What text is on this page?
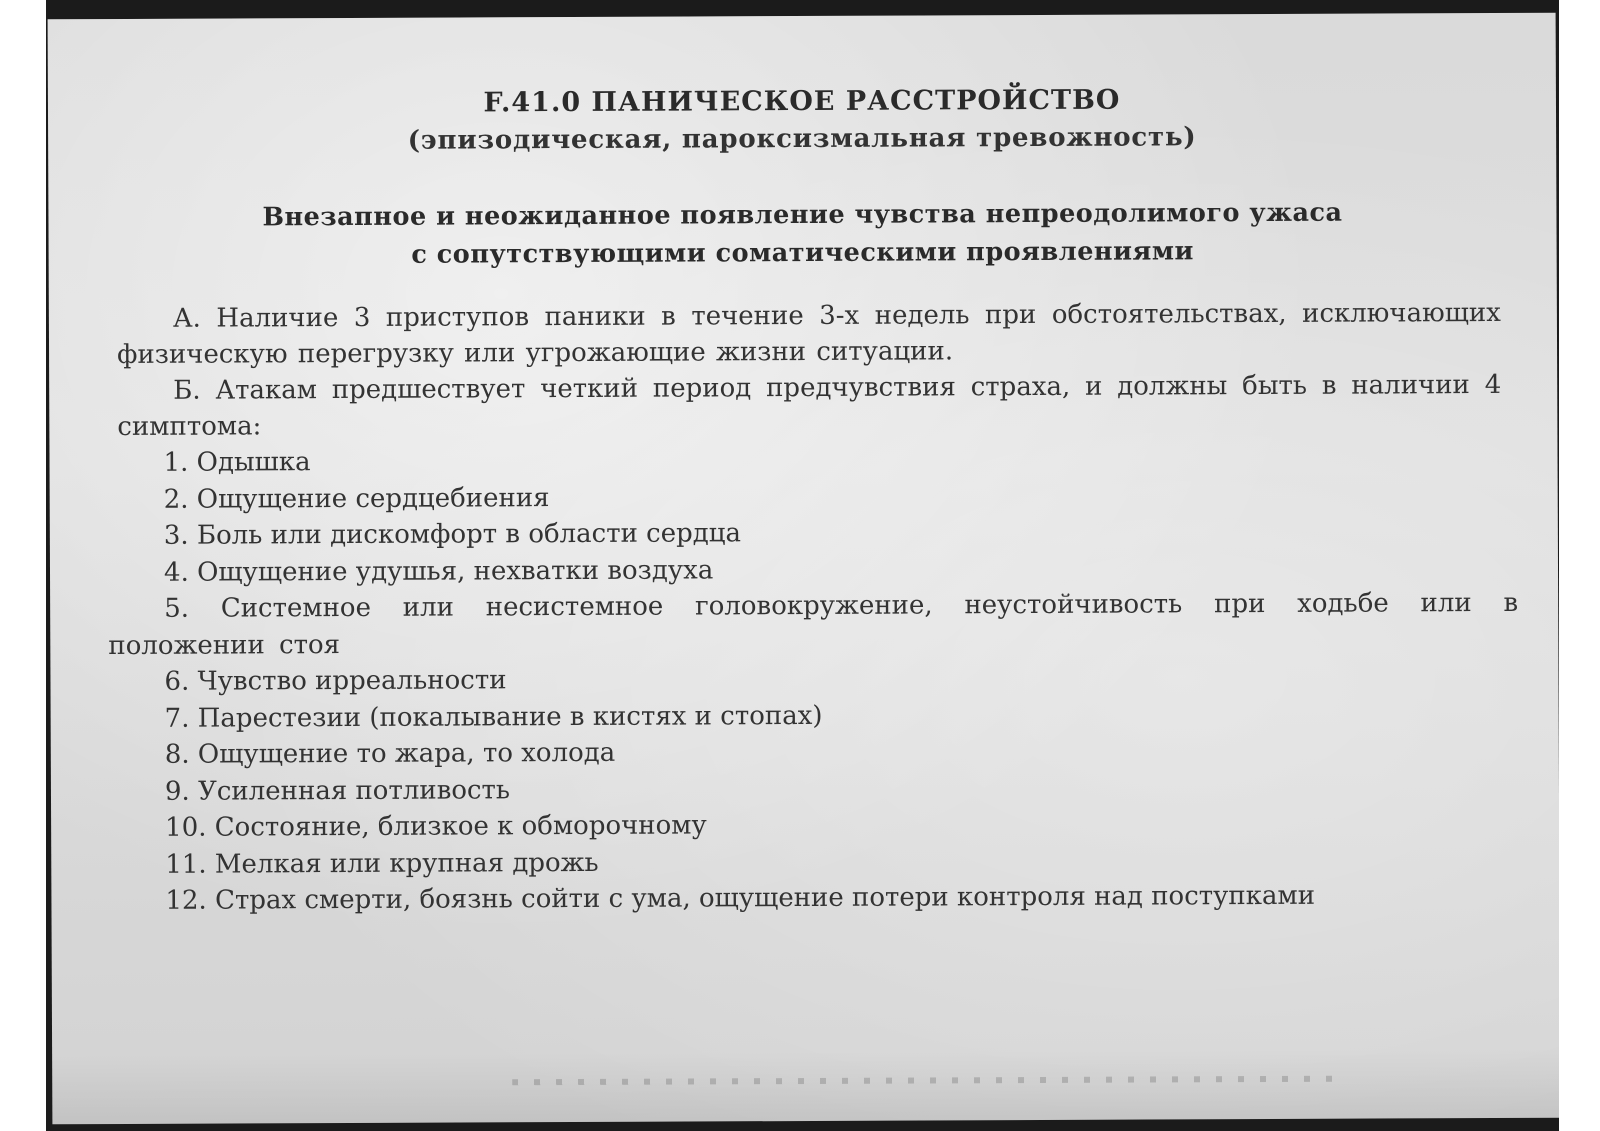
F.41.0 ПАНИЧЕСКОЕ РАССТРОЙСТВО
(эпизодическая, пароксизмальная тревожность)
Внезапное и неожиданное появление чувства непреодолимого ужаса
с сопутствующими соматическими проявлениями
А. Наличие 3 приступов паники в течение 3-х недель при обстоятельствах, исключающих физическую перегрузку или угрожающие жизни ситуации.
Б. Атакам предшествует четкий период предчувствия страха, и должны быть в наличии 4 симптома:
1. Одышка
2. Ощущение сердцебиения
3. Боль или дискомфорт в области сердца
4. Ощущение удушья, нехватки воздуха
5. Системное или несистемное головокружение, неустойчивость при ходьбе или в положении стоя
6. Чувство ирреальности
7. Парестезии (покалывание в кистях и стопах)
8. Ощущение то жара, то холода
9. Усиленная потливость
10. Состояние, близкое к обморочному
11. Мелкая или крупная дрожь
12. Страх смерти, боязнь сойти с ума, ощущение потери контроля над поступками
